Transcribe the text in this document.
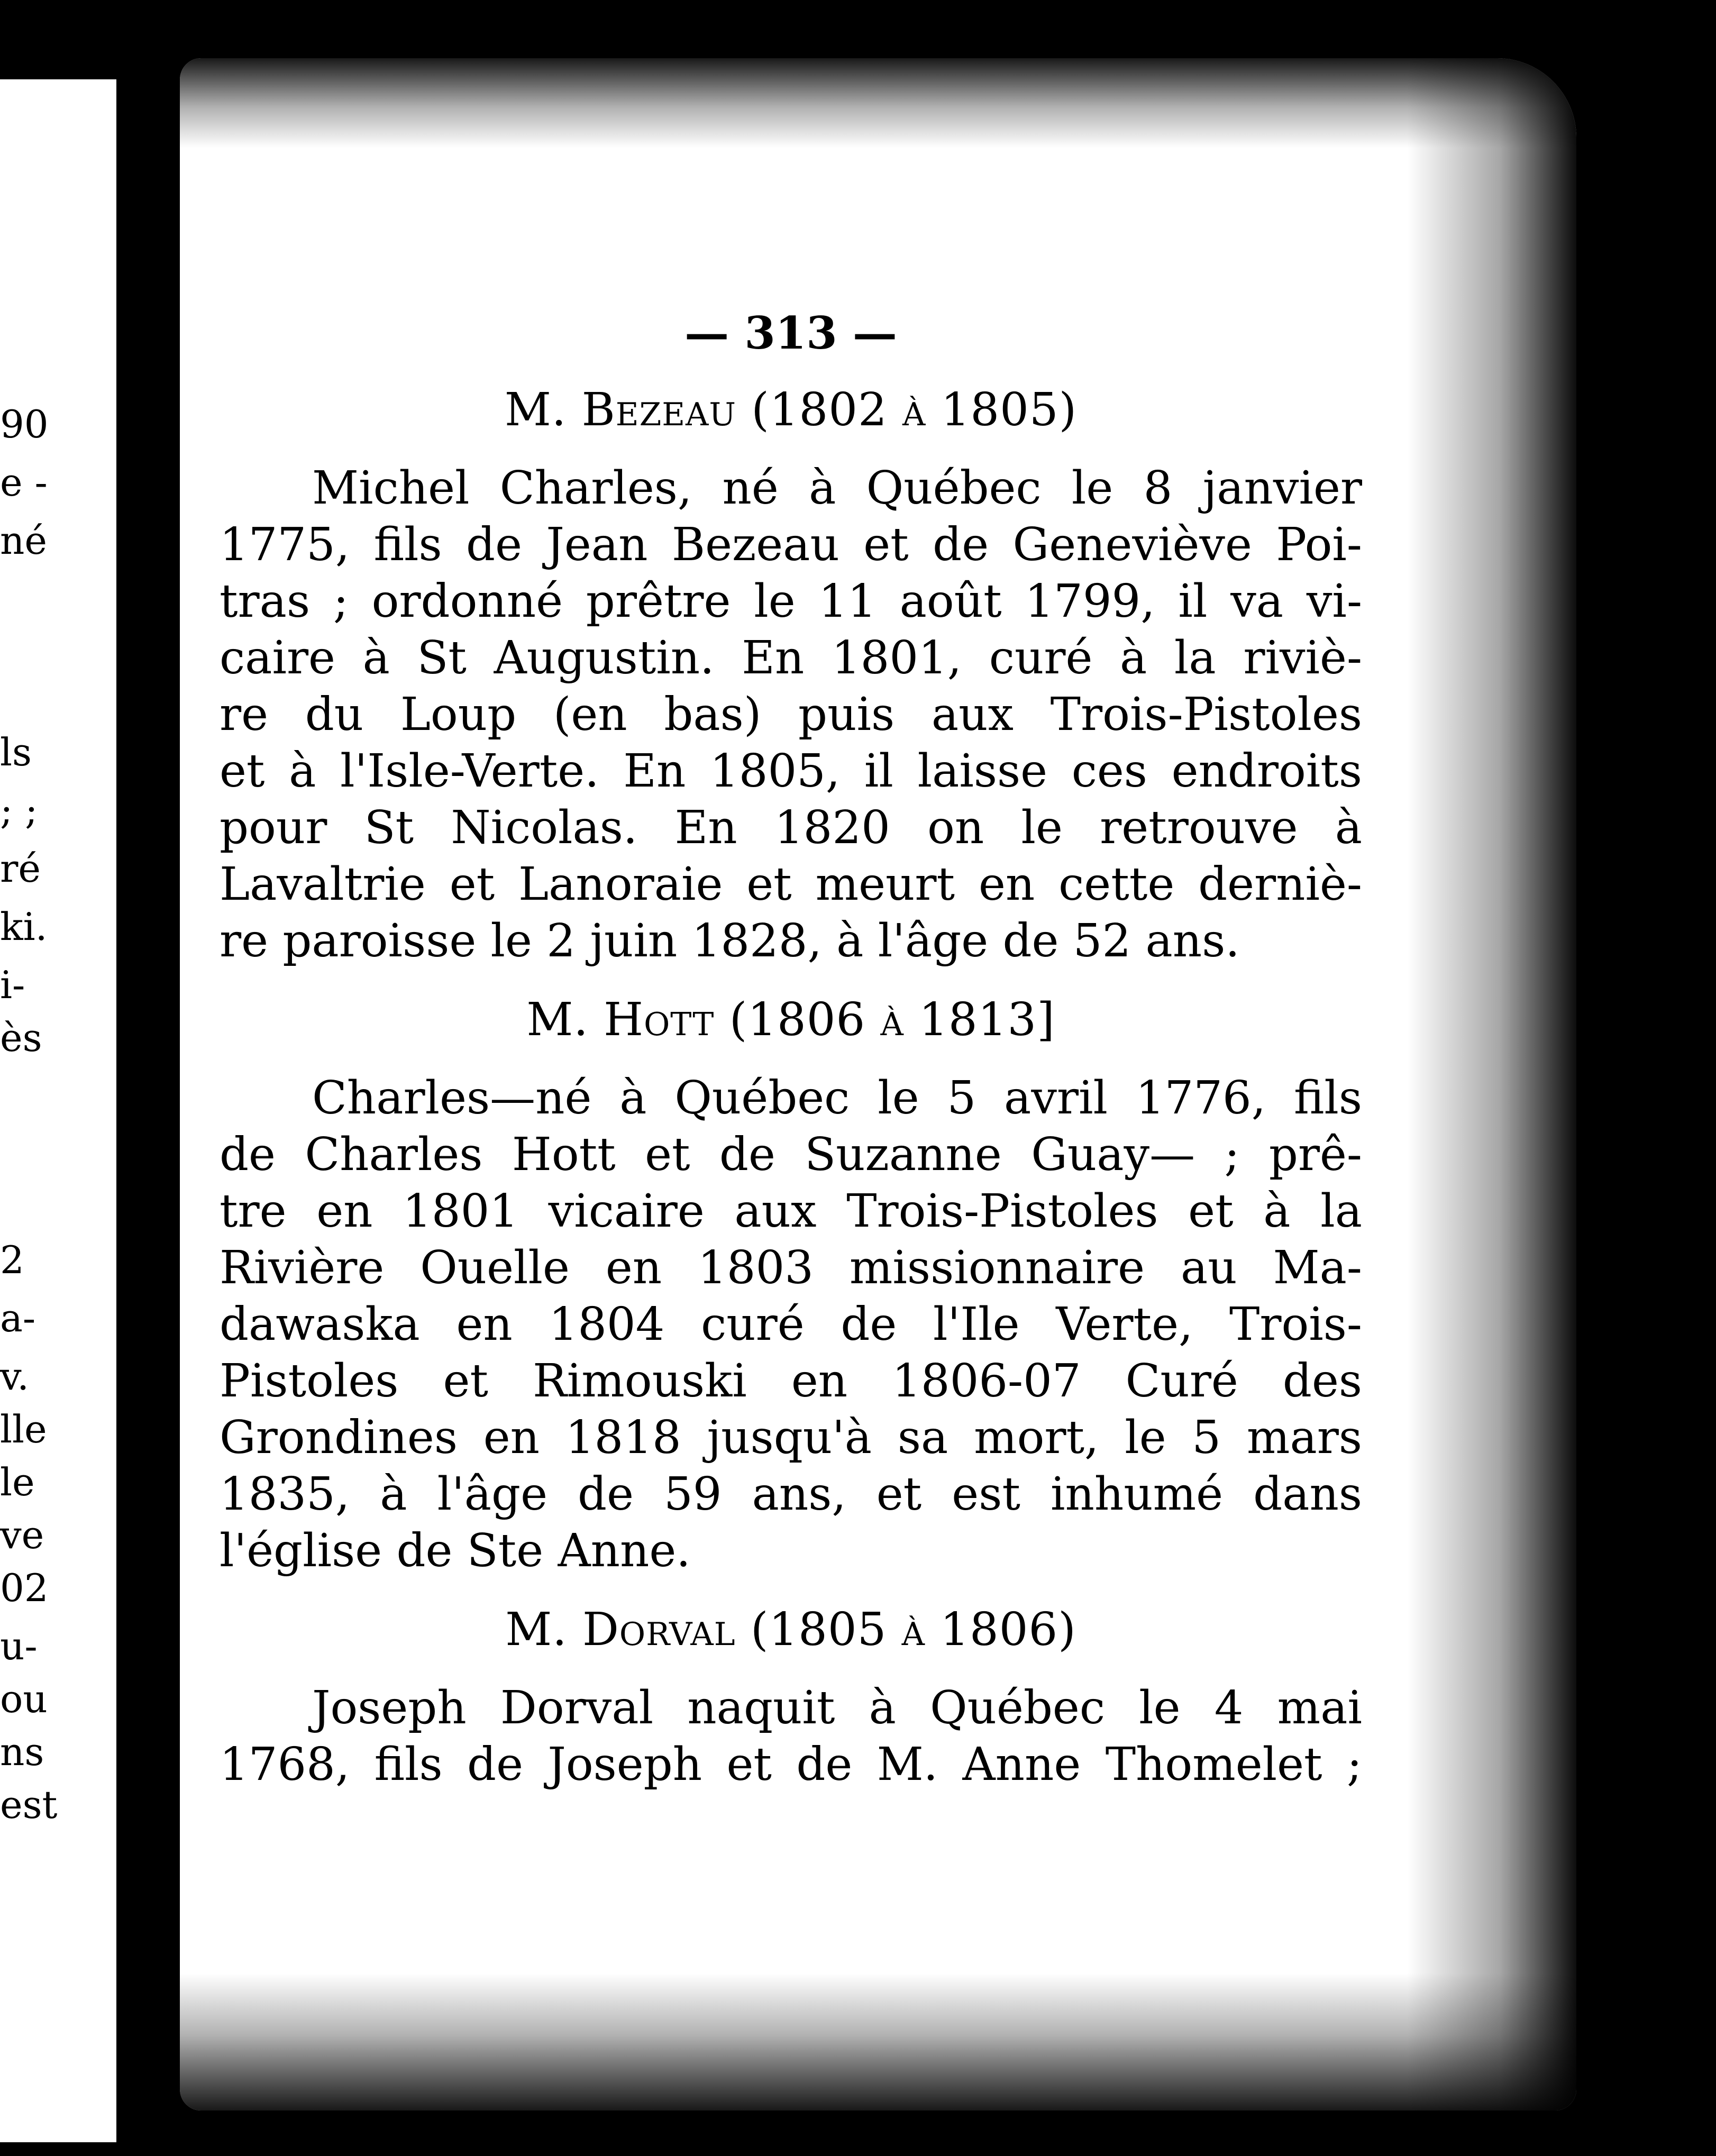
90
e -
né
ls
; ;
ré
ki.
i-
ès
2
a-
v.
lle
le
ve
02
u-
ou
ns
est
— 313 —
M. Bezeau (1802 à 1805)
Michel Charles, né à Québec le 8 janvier
1775, fils de Jean Bezeau et de Geneviève Poi-
tras ; ordonné prêtre le 11 août 1799, il va vi-
caire à St Augustin. En 1801, curé à la riviè-
re du Loup (en bas) puis aux Trois-Pistoles
et à l'Isle-Verte. En 1805, il laisse ces endroits
pour St Nicolas. En 1820 on le retrouve à
Lavaltrie et Lanoraie et meurt en cette derniè-
re paroisse le 2 juin 1828, à l'âge de 52 ans.
M. Hott (1806 à 1813]
Charles—né à Québec le 5 avril 1776, fils
de Charles Hott et de Suzanne Guay— ; prê-
tre en 1801 vicaire aux Trois-Pistoles et à la
Rivière Ouelle en 1803 missionnaire au Ma-
dawaska en 1804 curé de l'Ile Verte, Trois-
Pistoles et Rimouski en 1806-07 Curé des
Grondines en 1818 jusqu'à sa mort, le 5 mars
1835, à l'âge de 59 ans, et est inhumé dans
l'église de Ste Anne.
M. Dorval (1805 à 1806)
Joseph Dorval naquit à Québec le 4 mai
1768, fils de Joseph et de M. Anne Thomelet ;
